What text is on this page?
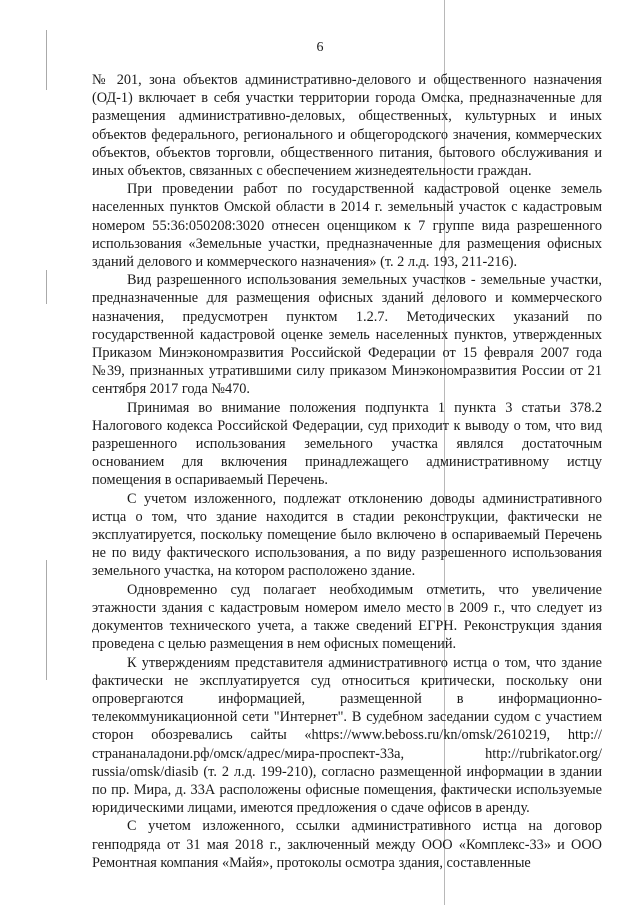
6

№ 201, зона объектов административно-делового и общественного назначения (ОД-1) включает в себя участки территории города Омска, предназначенные для размещения административно-деловых, общественных, культурных и иных объектов федерального, регионального и общегородского значения, коммерческих объектов, объектов торговли, общественного питания, бытового обслуживания и иных объектов, связанных с обеспечением жизнедеятельности граждан.

При проведении работ по государственной кадастровой оценке земель населенных пунктов Омской области в 2014 г. земельный участок с кадастровым номером 55:36:050208:3020 отнесен оценщиком к 7 группе вида разрешенного использования «Земельные участки, предназначенные для размещения офисных зданий делового и коммерческого назначения» (т. 2 л.д. 193, 211-216).

Вид разрешенного использования земельных участков - земельные участки, предназначенные для размещения офисных зданий делового и коммерческого назначения, предусмотрен пунктом 1.2.7. Методических указаний по государственной кадастровой оценке земель населенных пунктов, утвержденных Приказом Минэкономразвития Российской Федерации от 15 февраля 2007 года №39, признанных утратившими силу приказом Минэкономразвития России от 21 сентября 2017 года №470.

Принимая во внимание положения подпункта 1 пункта 3 статьи 378.2 Налогового кодекса Российской Федерации, суд приходит к выводу о том, что вид разрешенного использования земельного участка являлся достаточным основанием для включения принадлежащего административному истцу помещения в оспариваемый Перечень.

С учетом изложенного, подлежат отклонению доводы административного истца о том, что здание находится в стадии реконструкции, фактически не эксплуатируется, поскольку помещение было включено в оспариваемый Перечень не по виду фактического использования, а по виду разрешенного использования земельного участка, на котором расположено здание.

Одновременно суд полагает необходимым отметить, что увеличение этажности здания с кадастровым номером имело место в 2009 г., что следует из документов технического учета, а также сведений ЕГРН. Реконструкция здания проведена с целью размещения в нем офисных помещений.

К утверждениям представителя административного истца о том, что здание фактически не эксплуатируется суд относиться критически, поскольку они опровергаются информацией, размещенной в информационно-телекоммуникационной сети "Интернет". В судебном заседании судом с участием сторон обозревались сайты «https://www.beboss.ru/kn/omsk/2610219, http://странаналадони.рф/омск/адрес/мира-проспект-33а, http://rubrikator.org/ russia/omsk/diasib (т. 2 л.д. 199-210), согласно размещенной информации в здании по пр. Мира, д. 33А расположены офисные помещения, фактически используемые юридическими лицами, имеются предложения о сдаче офисов в аренду.

С учетом изложенного, ссылки административного истца на договор генподряда от 31 мая 2018 г., заключенный между ООО «Комплекс-33» и ООО Ремонтная компания «Майя», протоколы осмотра здания, составленные
